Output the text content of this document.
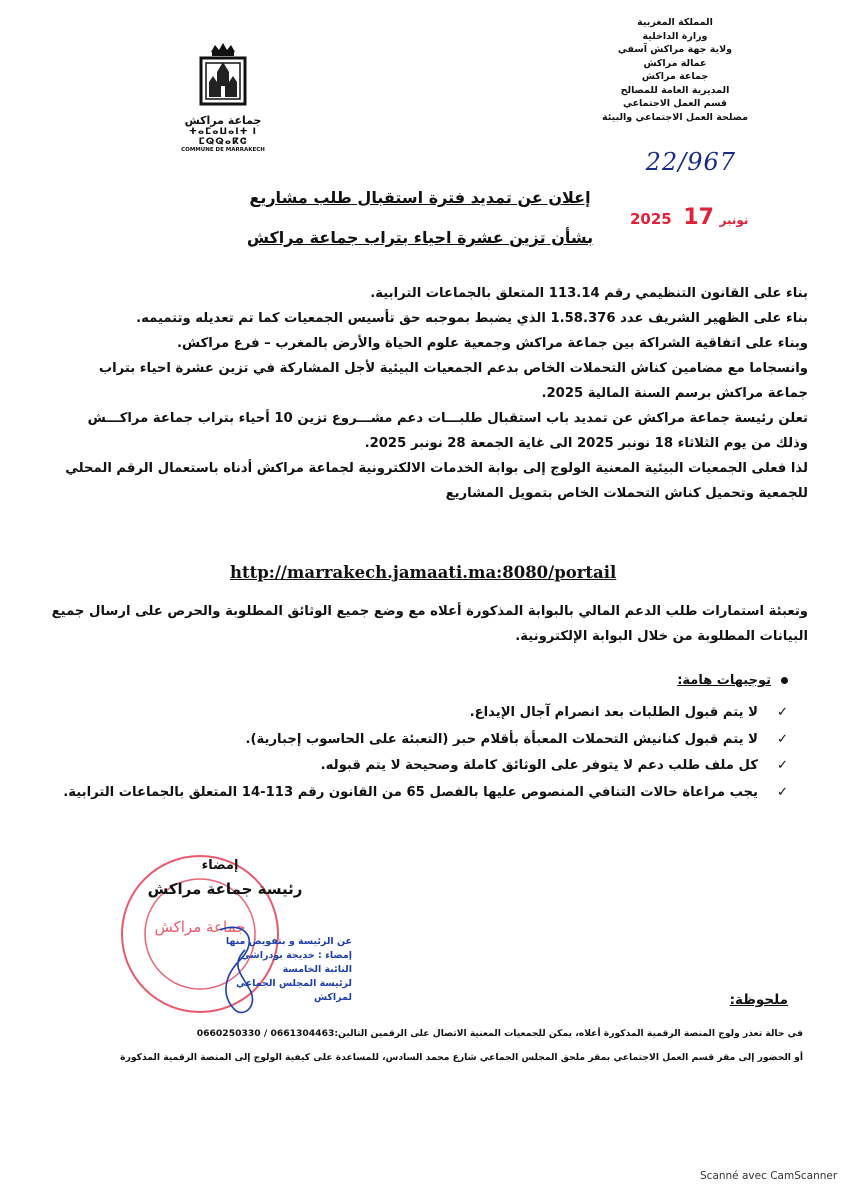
المملكة المغربية
وزارة الداخلية
ولاية جهة مراكش آسفي
عمالة مراكش
جماعة مراكش
المديرية العامة للمصالح
قسم العمل الاجتماعي
مصلحة العمل الاجتماعي والبيئة
22/967
جماعة مراكش
ⵜⴰⵎⴰⵡⴰⵏⵜ ⵏ ⵎⵕⵕⴰⴽⵛ
COMMUNE DE MARRAKECH
إعلان عن تمديد فترة استقبال طلب مشاريع
بشأن تزين عشرة احياء بتراب جماعة مراكش
2025	نونبر 17

بناء على القانون التنظيمي رقم 113.14 المتعلق بالجماعات الترابية.

بناء على الظهير الشريف عدد 1.58.376 الذي يضبط بموجبه حق تأسيس الجمعيات كما تم تعديله وتتميمه.

وبناء على اتفاقية الشراكة بين جماعة مراكش وجمعية علوم الحياة والأرض بالمغرب – فرع مراكش.

وانسجاما مع مضامين كناش التحملات الخاص بدعم الجمعيات البيئية لأجل المشاركة في تزين عشرة احياء بتراب

جماعة مراكش برسم السنة المالية 2025.

تعلن رئيسة جماعة مراكش عن تمديد باب استقبال طلبـــات دعم مشـــروع تزين 10 أحياء بتراب جماعة مراكـــش

وذلك من يوم الثلاثاء 18 نونبر 2025 الى غاية الجمعة 28 نونبر 2025.

لذا فعلى الجمعيات البيئية المعنية الولوج إلى بوابة الخدمات الالكترونية لجماعة مراكش أدناه باستعمال الرقم المحلي

للجمعية وتحميل كناش التحملات الخاص بتمويل المشاريع

http://marrakech.jamaati.ma:8080/portail

وتعبئة استمارات طلب الدعم المالي بالبوابة المذكورة أعلاه مع وضع جميع الوثائق المطلوبة والحرص على ارسال جميع

البيانات المطلوبة من خلال البوابة الإلكترونية.

توجيهات هامة:
✓لا يتم قبول الطلبات بعد انصرام آجال الإيداع.
✓لا يتم قبول كنانيش التحملات المعبأة بأقلام حبر (التعبئة على الحاسوب إجبارية).
✓كل ملف طلب دعم لا يتوفر على الوثائق كاملة وصحيحة لا يتم قبوله.
✓يجب مراعاة حالات التنافي المنصوص عليها بالفصل 65 من القانون رقم 113-14 المتعلق بالجماعات الترابية.
جماعة مراكش
إمضاء
رئيسة جماعة مراكش
عن الرئيسة و بتفويض منها
إمضاء : خديجة بودراشي
النائبة الخامسة
لرئيسة المجلس الجماعي لمراكش	ملحوظة:
في حالة تعذر ولوج المنصة الرقمية المذكورة أعلاه، يمكن للجمعيات المعنية الاتصال على الرقمين التالين:0661304463 / 0660250330
أو الحضور إلى مقر قسم العمل الاجتماعي بمقر ملحق المجلس الجماعي شارع محمد السادس، للمساعدة على كيفية الولوج إلى المنصة الرقمية المذكورة
Scanné avec CamScanner
